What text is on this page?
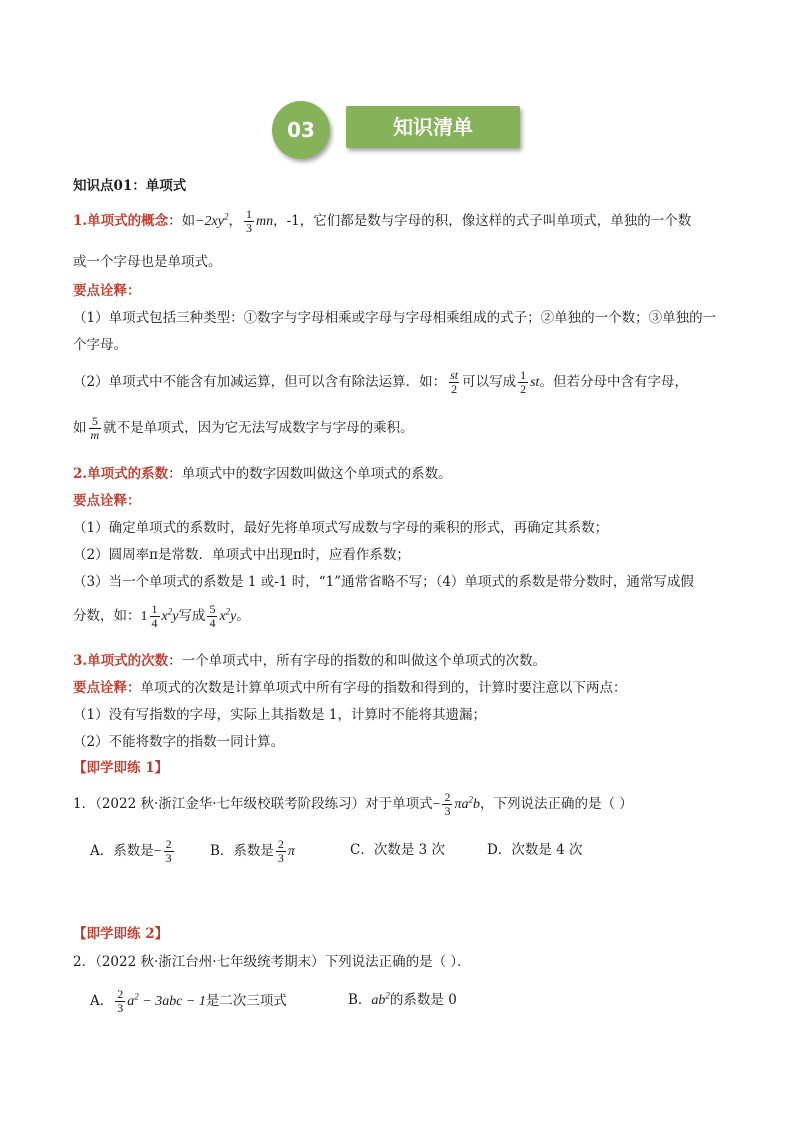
03	知识清单
知识点01：单项式
1.单项式的概念：如$-2xy^2$， $\frac{1}{3}$ mn，-1，它们都是数与字母的积，像这样的式子叫单项式，单独的一个数
或一个字母也是单项式。
要点诠释：
（1）单项式包括三种类型：①数字与字母相乘或字母与字母相乘组成的式子；②单独的一个数；③单独的一
个字母。
（2）单项式中不能含有加减运算，但可以含有除法运算．如： $\frac{st}{2}$ 可以写成 $\frac{1}{2}$ st。但若分母中含有字母，
如 $\frac{5}{m}$ 就不是单项式，因为它无法写成数字与字母的乘积。
2.单项式的系数：单项式中的数字因数叫做这个单项式的系数。
要点诠释：
（1）确定单项式的系数时，最好先将单项式写成数与字母的乘积的形式，再确定其系数；
（2）圆周率π是常数．单项式中出现π时，应看作系数；
（3）当一个单项式的系数是 1 或-1 时，“1”通常省略不写；（4）单项式的系数是带分数时，通常写成假
分数，如：$1 \frac{1}{4} x^2y$写成 $\frac{5}{4} x^2y$。
3.单项式的次数：一个单项式中，所有字母的指数的和叫做这个单项式的次数。
要点诠释：单项式的次数是计算单项式中所有字母的指数和得到的，计算时要注意以下两点：
（1）没有写指数的字母，实际上其指数是 1，计算时不能将其遗漏；
（2）不能将数字的指数一同计算。
【即学即练 1】
1．（2022 秋·浙江金华·七年级校联考阶段练习）对于单项式− $\frac{2}{3} \pi a^2b$，下列说法正确的是（ ）
A．系数是− $\frac{2}{3}$	B．系数是 $\frac{2}{3}$ π	C．次数是 3 次	D．次数是 4 次
【即学即练 2】
2．（2022 秋·浙江台州·七年级统考期末）下列说法正确的是（ ）．
A． $\frac{2}{3} a^2 - 3abc - 1$是二次三项式	B．$ab^2$的系数是 0
